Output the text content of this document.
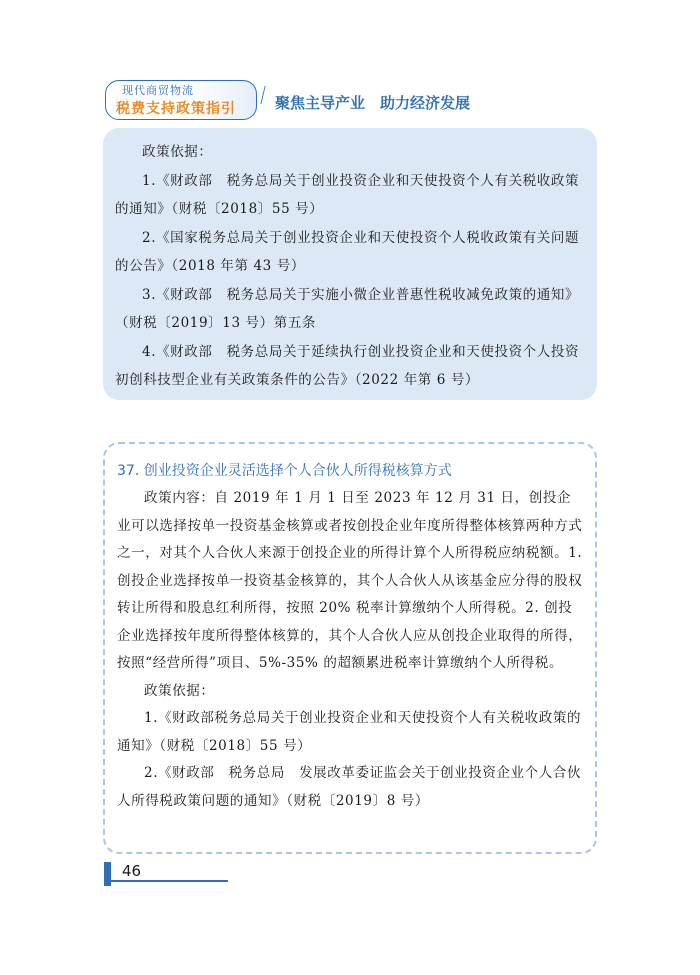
现代商贸物流
税费支持政策指引	聚焦主导产业　助力经济发展

政策依据：

1.《财政部　税务总局关于创业投资企业和天使投资个人有关税收政策的通知》（财税〔2018〕55 号）

2.《国家税务总局关于创业投资企业和天使投资个人税收政策有关问题的公告》（2018 年第 43 号）

3.《财政部　税务总局关于实施小微企业普惠性税收减免政策的通知》（财税〔2019〕13 号）第五条

4.《财政部　税务总局关于延续执行创业投资企业和天使投资个人投资初创科技型企业有关政策条件的公告》（2022 年第 6 号）

37. 创业投资企业灵活选择个人合伙人所得税核算方式

政策内容：自 2019 年 1 月 1 日至 2023 年 12 月 31 日，创投企业可以选择按单一投资基金核算或者按创投企业年度所得整体核算两种方式之一，对其个人合伙人来源于创投企业的所得计算个人所得税应纳税额。1. 创投企业选择按单一投资基金核算的，其个人合伙人从该基金应分得的股权转让所得和股息红利所得，按照 20% 税率计算缴纳个人所得税。2. 创投企业选择按年度所得整体核算的，其个人合伙人应从创投企业取得的所得，按照“经营所得”项目、5%-35% 的超额累进税率计算缴纳个人所得税。

政策依据：

1.《财政部税务总局关于创业投资企业和天使投资个人有关税收政策的通知》（财税〔2018〕55 号）

2.《财政部　税务总局　发展改革委证监会关于创业投资企业个人合伙人所得税政策问题的通知》（财税〔2019〕8 号）

46
